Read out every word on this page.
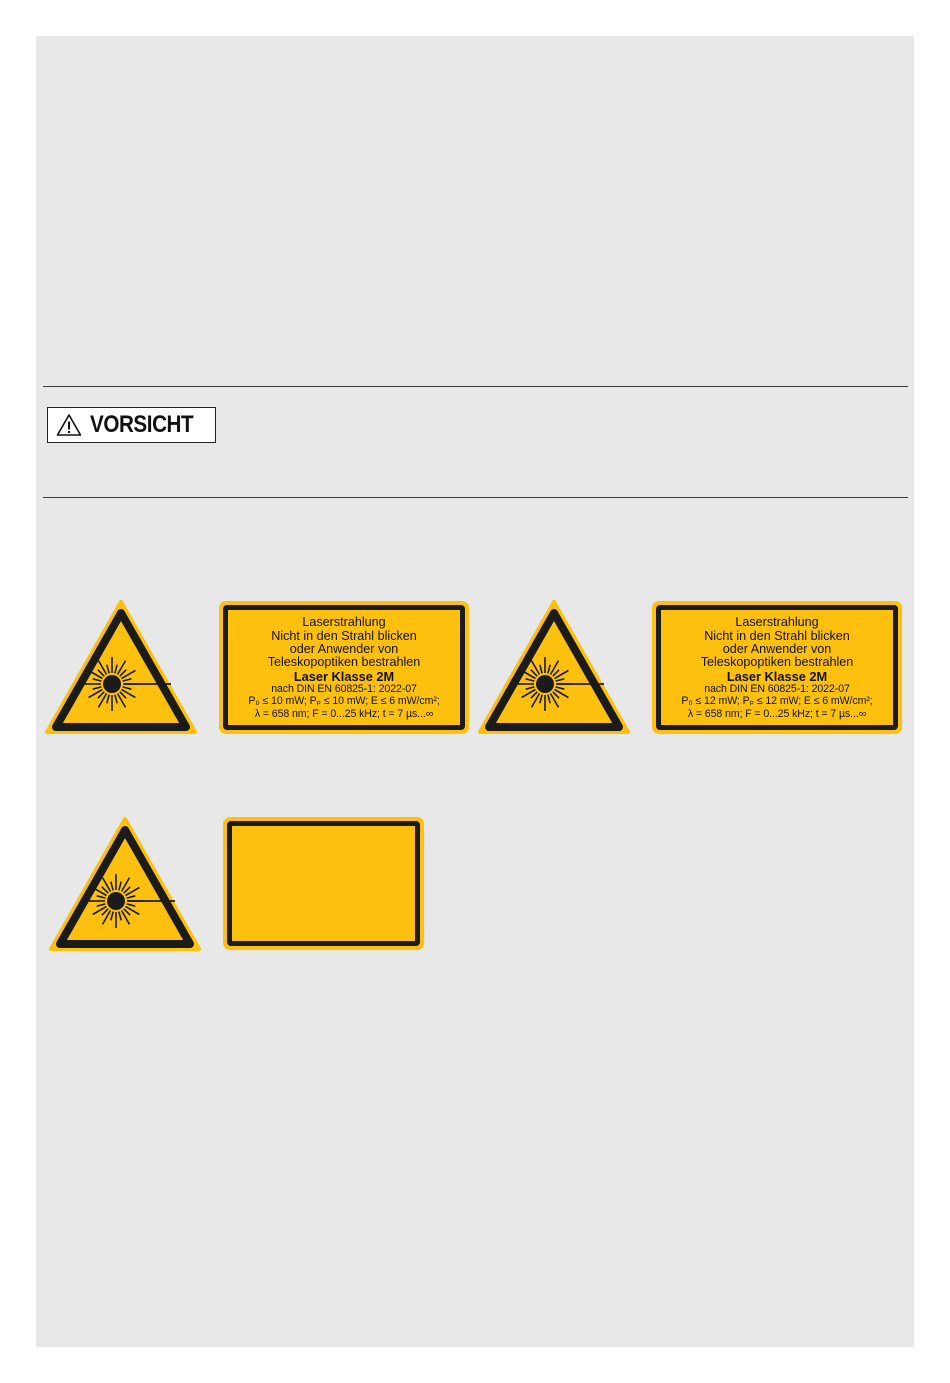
VORSICHT
Laserstrahlung
Nicht in den Strahl blicken
oder Anwender von
Teleskopoptiken bestrahlen
Laser Klasse 2M
nach DIN EN 60825-1: 2022-07
P₀ ≤ 10 mW; Pₚ ≤ 10 mW; E ≤ 6 mW/cm²;
λ = 658 nm; F = 0...25 kHz; t = 7 µs...∞
Laserstrahlung
Nicht in den Strahl blicken
oder Anwender von
Teleskopoptiken bestrahlen
Laser Klasse 2M
nach DIN EN 60825-1: 2022-07
P₀ ≤ 12 mW; Pₚ ≤ 12 mW; E ≤ 6 mW/cm²;
λ = 658 nm; F = 0...25 kHz; t = 7 µs...∞
